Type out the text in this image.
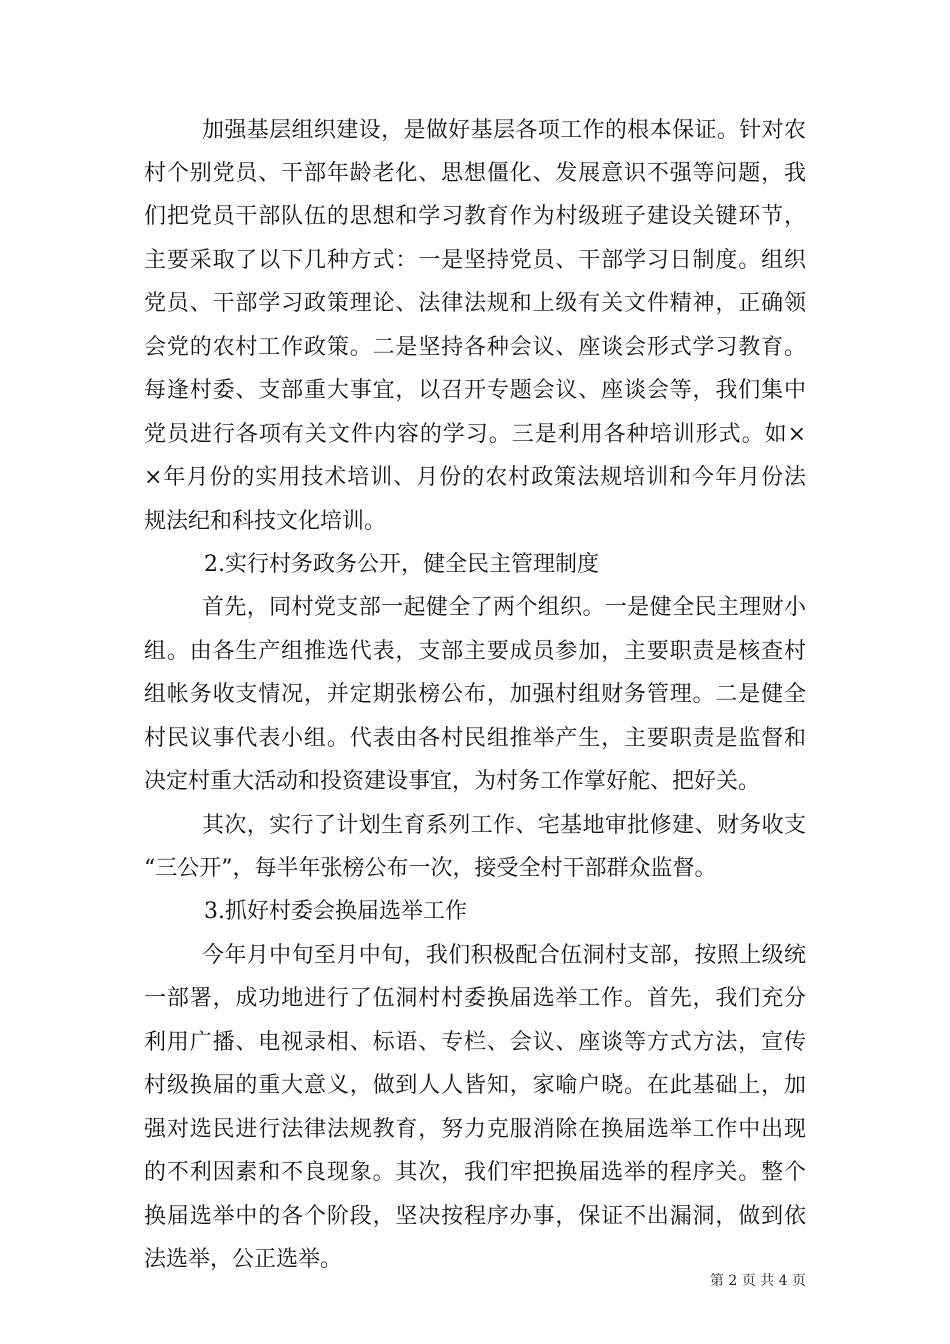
加强基层组织建设，是做好基层各项工作的根本保证。针对农
村个别党员、干部年龄老化、思想僵化、发展意识不强等问题，我
们把党员干部队伍的思想和学习教育作为村级班子建设关键环节，
主要采取了以下几种方式：一是坚持党员、干部学习日制度。组织
党员、干部学习政策理论、法律法规和上级有关文件精神，正确领
会党的农村工作政策。二是坚持各种会议、座谈会形式学习教育。
每逢村委、支部重大事宜，以召开专题会议、座谈会等，我们集中
党员进行各项有关文件内容的学习。三是利用各种培训形式。如×
×年月份的实用技术培训、月份的农村政策法规培训和今年月份法
规法纪和科技文化培训。
2.实行村务政务公开，健全民主管理制度
首先，同村党支部一起健全了两个组织。一是健全民主理财小
组。由各生产组推选代表，支部主要成员参加，主要职责是核查村
组帐务收支情况，并定期张榜公布，加强村组财务管理。二是健全
村民议事代表小组。代表由各村民组推举产生，主要职责是监督和
决定村重大活动和投资建设事宜，为村务工作掌好舵、把好关。
其次，实行了计划生育系列工作、宅基地审批修建、财务收支
“三公开”，每半年张榜公布一次，接受全村干部群众监督。
3.抓好村委会换届选举工作
今年月中旬至月中旬，我们积极配合伍洞村支部，按照上级统
一部署，成功地进行了伍洞村村委换届选举工作。首先，我们充分
利用广播、电视录相、标语、专栏、会议、座谈等方式方法，宣传
村级换届的重大意义，做到人人皆知，家喻户晓。在此基础上，加
强对选民进行法律法规教育，努力克服消除在换届选举工作中出现
的不利因素和不良现象。其次，我们牢把换届选举的程序关。整个
换届选举中的各个阶段，坚决按程序办事，保证不出漏洞，做到依
法选举，公正选举。
第 2 页 共 4 页
